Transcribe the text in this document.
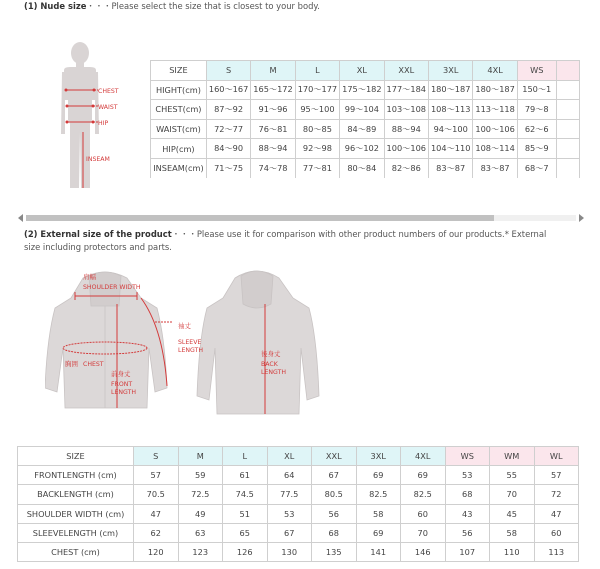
(1) Nude size・・・Please select the size that is closest to your body.
CHEST
WAIST
HIP
INSEAM
SIZE	S	M	L	XL	XXL	3XL	4XL	WS	
HIGHT(cm)	160～167	165～172	170～177	175～182	177～184	180～187	180～187	150～1	
CHEST(cm)	87～92	91～96	95～100	99～104	103～108	108～113	113～118	79～8	
WAIST(cm)	72～77	76～81	80～85	84～89	88～94	94～100	100～106	62～6	
HIP(cm)	84～90	88～94	92～98	96～102	100～106	104～110	108～114	85～9	
INSEAM(cm)	71～75	74～78	77～81	80～84	82～86	83～87	83～87	68～7	
(2) External size of the product・・・Please use it for comparison with other product numbers of our products.* External size including protectors and parts.
肩幅
SHOULDER WIDTH
袖丈
SLEEVE
LENGTH
胸囲 CHEST
前身丈
FRONT
LENGTH
後身丈
BACK
LENGTH
SIZE	S	M	L	XL	XXL	3XL	4XL	WS	WM	WL
FRONTLENGTH (cm)	57	59	61	64	67	69	69	53	55	57
BACKLENGTH (cm)	70.5	72.5	74.5	77.5	80.5	82.5	82.5	68	70	72
SHOULDER WIDTH (cm)	47	49	51	53	56	58	60	43	45	47
SLEEVELENGTH (cm)	62	63	65	67	68	69	70	56	58	60
CHEST (cm)	120	123	126	130	135	141	146	107	110	113
